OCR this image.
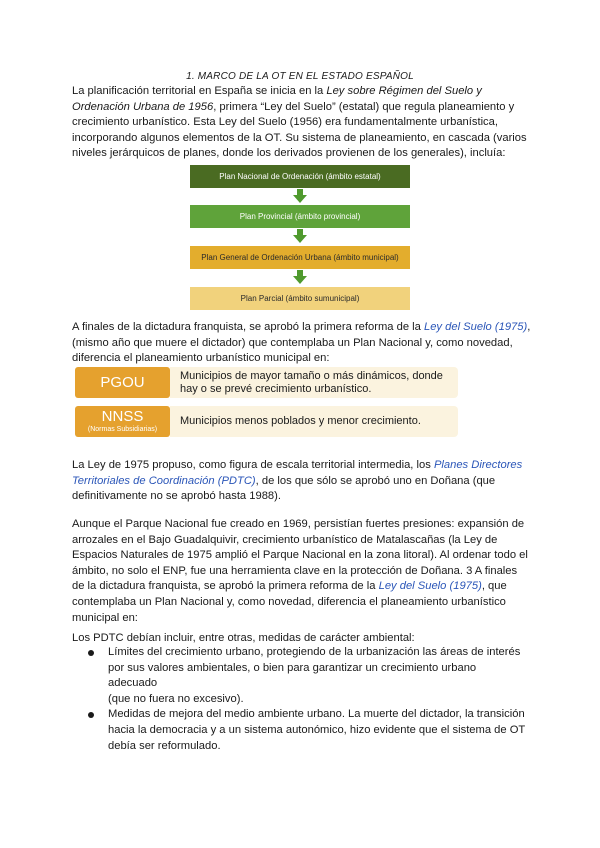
1. MARCO DE LA OT EN EL ESTADO ESPAÑOL
La planificación territorial en España se inicia en la Ley sobre Régimen del Suelo y
Ordenación Urbana de 1956, primera “Ley del Suelo” (estatal) que regula planeamiento y
crecimiento urbanístico. Esta Ley del Suelo (1956) era fundamentalmente urbanística,
incorporando algunos elementos de la OT. Su sistema de planeamiento, en cascada (varios
niveles jerárquicos de planes, donde los derivados provienen de los generales), incluía:
Plan Nacional de Ordenación (ámbito estatal)
Plan Provincial (ámbito provincial)
Plan General de Ordenación Urbana (ámbito municipal)
Plan Parcial (ámbito sumunicipal)
A finales de la dictadura franquista, se aprobó la primera reforma de la Ley del Suelo (1975),
(mismo año que muere el dictador) que contemplaba un Plan Nacional y, como novedad,
diferencia el planeamiento urbanístico municipal en:
PGOU	Municipios de mayor tamaño o más dinámicos, donde
hay o se prevé crecimiento urbanístico.
NNSS
(Normas Subsidiarias)
Municipios menos poblados y menor crecimiento.
La Ley de 1975 propuso, como figura de escala territorial intermedia, los Planes Directores
Territoriales de Coordinación (PDTC), de los que sólo se aprobó uno en Doñana (que
definitivamente no se aprobó hasta 1988).
Aunque el Parque Nacional fue creado en 1969, persistían fuertes presiones: expansión de
arrozales en el Bajo Guadalquivir, crecimiento urbanístico de Matalascañas (la Ley de
Espacios Naturales de 1975 amplió el Parque Nacional en la zona litoral). Al ordenar todo el
ámbito, no solo el ENP, fue una herramienta clave en la protección de Doñana. 3 A finales
de la dictadura franquista, se aprobó la primera reforma de la Ley del Suelo (1975), que
contemplaba un Plan Nacional y, como novedad, diferencia el planeamiento urbanístico
municipal en:
Los PDTC debían incluir, entre otras, medidas de carácter ambiental:
Límites del crecimiento urbano, protegiendo de la urbanización las áreas de interés
por sus valores ambientales, o bien para garantizar un crecimiento urbano adecuado
(que no fuera no excesivo).
Medidas de mejora del medio ambiente urbano. La muerte del dictador, la transición
hacia la democracia y a un sistema autonómico, hizo evidente que el sistema de OT
debía ser reformulado.
